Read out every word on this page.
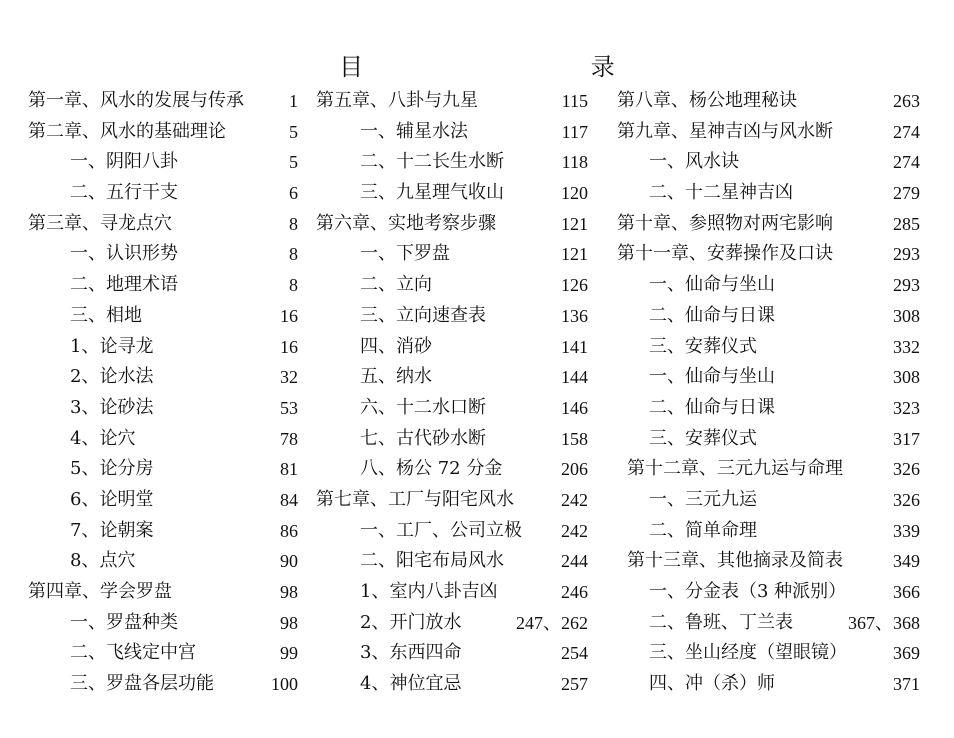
目 录
第一章、风水的发展与传承	1
第二章、风水的基础理论	5
一、阴阳八卦	5
二、五行干支	6
第三章、寻龙点穴	8
一、认识形势	8
二、地理术语	8
三、相地	16
1、论寻龙	16
2、论水法	32
3、论砂法	53
4、论穴	78
5、论分房	81
6、论明堂	84
7、论朝案	86
8、点穴	90
第四章、学会罗盘	98
一、罗盘种类	98
二、飞线定中宫	99
三、罗盘各层功能	100
第五章、八卦与九星	115
一、辅星水法	117
二、十二长生水断	118
三、九星理气收山	120
第六章、实地考察步骤	121
一、下罗盘	121
二、立向	126
三、立向速查表	136
四、消砂	141
五、纳水	144
六、十二水口断	146
七、古代砂水断	158
八、杨公 72 分金	206
第七章、工厂与阳宅风水	242
一、工厂、公司立极 242
二、阳宅布局风水	244
1、室内八卦吉凶	246
2、开门放水	247、262
3、东西四命	254
4、神位宜忌	257
第八章、杨公地理秘诀	263
第九章、星神吉凶与风水断	274
一、风水诀	274
二、十二星神吉凶	279
第十章、参照物对两宅影响	285
第十一章、安葬操作及口诀	293
一、仙命与坐山	293
二、仙命与日课	308
三、安葬仪式	332
一、仙命与坐山	308
二、仙命与日课	323
三、安葬仪式	317
第十二章、三元九运与命理	326
一、三元九运	326
二、简单命理	339
第十三章、其他摘录及简表	349
一、分金表（3 种派别）	366
二、鲁班、丁兰表	367、368
三、坐山经度（望眼镜）	369
四、冲（杀）师	371
